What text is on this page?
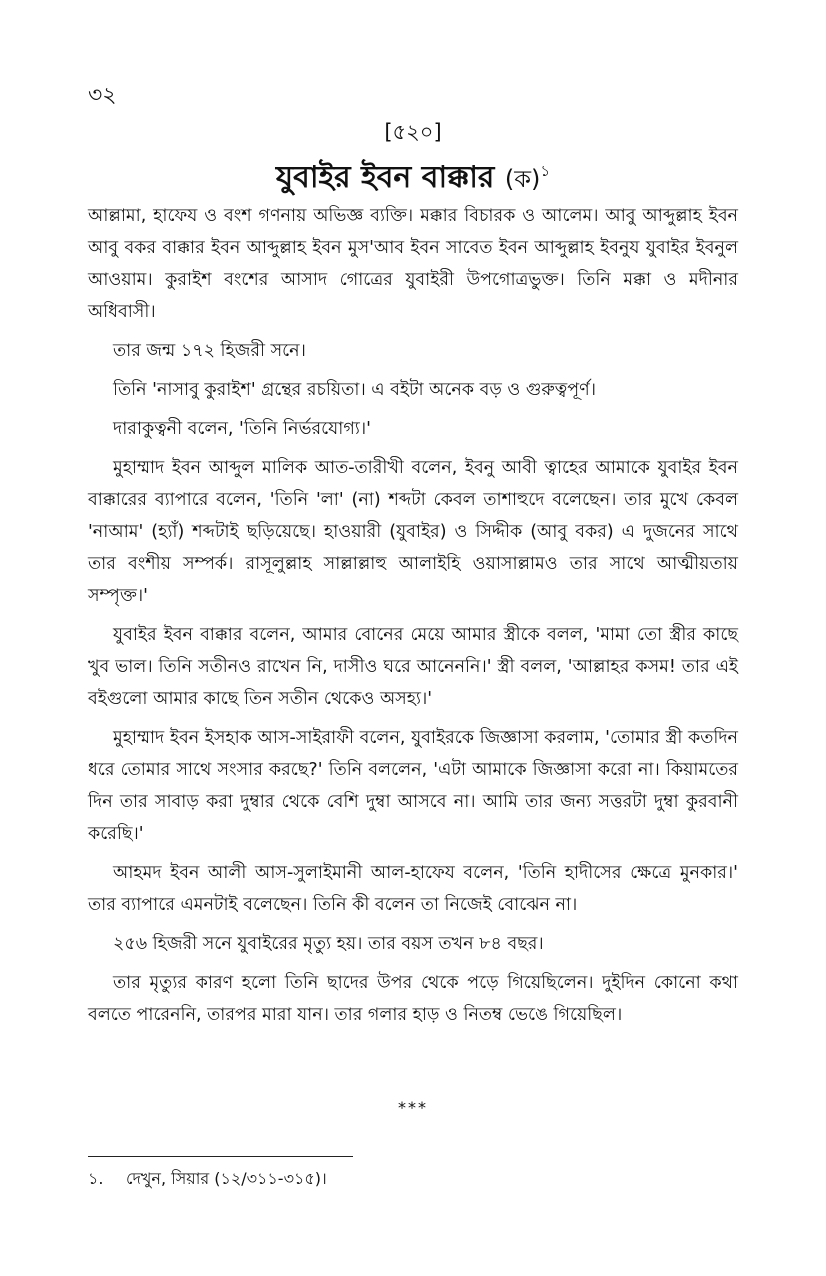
৩২
[৫২০]
যুবাইর ইবন বাক্কার (ক)$^১$

আল্লামা, হাফেয ও বংশ গণনায় অভিজ্ঞ ব্যক্তি। মক্কার বিচারক ও আলেম। আবু আব্দুল্লাহ ইবন আবু বকর বাক্কার ইবন আব্দুল্লাহ ইবন মুস'আব ইবন সাবেত ইবন আব্দুল্লাহ ইবনুয যুবাইর ইবনুল আওয়াম। কুরাইশ বংশের আসাদ গোত্রের যুবাইরী উপগোত্রভুক্ত। তিনি মক্কা ও মদীনার অধিবাসী।

তার জন্ম ১৭২ হিজরী সনে।

তিনি 'নাসাবু কুরাইশ' গ্রন্থের রচয়িতা। এ বইটা অনেক বড় ও গুরুত্বপূর্ণ।

দারাকুত্বনী বলেন, 'তিনি নির্ভরযোগ্য।'

মুহাম্মাদ ইবন আব্দুল মালিক আত-তারীখী বলেন, ইবনু আবী ত্বাহের আমাকে যুবাইর ইবন বাক্কারের ব্যাপারে বলেন, 'তিনি 'লা' (না) শব্দটা কেবল তাশাহুদে বলেছেন। তার মুখে কেবল 'নাআম' (হ্যাঁ) শব্দটাই ছড়িয়েছে। হাওয়ারী (যুবাইর) ও সিদ্দীক (আবু বকর) এ দুজনের সাথে তার বংশীয় সম্পর্ক। রাসূলুল্লাহ সাল্লাল্লাহু আলাইহি ওয়াসাল্লামও তার সাথে আত্মীয়তায় সম্পৃক্ত।'

যুবাইর ইবন বাক্কার বলেন, আমার বোনের মেয়ে আমার স্ত্রীকে বলল, 'মামা তো স্ত্রীর কাছে খুব ভাল। তিনি সতীনও রাখেন নি, দাসীও ঘরে আনেননি।' স্ত্রী বলল, 'আল্লাহর কসম! তার এই বইগুলো আমার কাছে তিন সতীন থেকেও অসহ্য।'

মুহাম্মাদ ইবন ইসহাক আস-সাইরাফী বলেন, যুবাইরকে জিজ্ঞাসা করলাম, 'তোমার স্ত্রী কতদিন ধরে তোমার সাথে সংসার করছে?' তিনি বললেন, 'এটা আমাকে জিজ্ঞাসা করো না। কিয়ামতের দিন তার সাবাড় করা দুম্বার থেকে বেশি দুম্বা আসবে না। আমি তার জন্য সত্তরটা দুম্বা কুরবানী করেছি।'

আহমদ ইবন আলী আস-সুলাইমানী আল-হাফেয বলেন, 'তিনি হাদীসের ক্ষেত্রে মুনকার।' তার ব্যাপারে এমনটাই বলেছেন। তিনি কী বলেন তা নিজেই বোঝেন না।

২৫৬ হিজরী সনে যুবাইরের মৃত্যু হয়। তার বয়স তখন ৮৪ বছর।

তার মৃত্যুর কারণ হলো তিনি ছাদের উপর থেকে পড়ে গিয়েছিলেন। দুইদিন কোনো কথা বলতে পারেননি, তারপর মারা যান। তার গলার হাড় ও নিতম্ব ভেঙে গিয়েছিল।

***
১. দেখুন, সিয়ার (১২/৩১১-৩১৫)।
